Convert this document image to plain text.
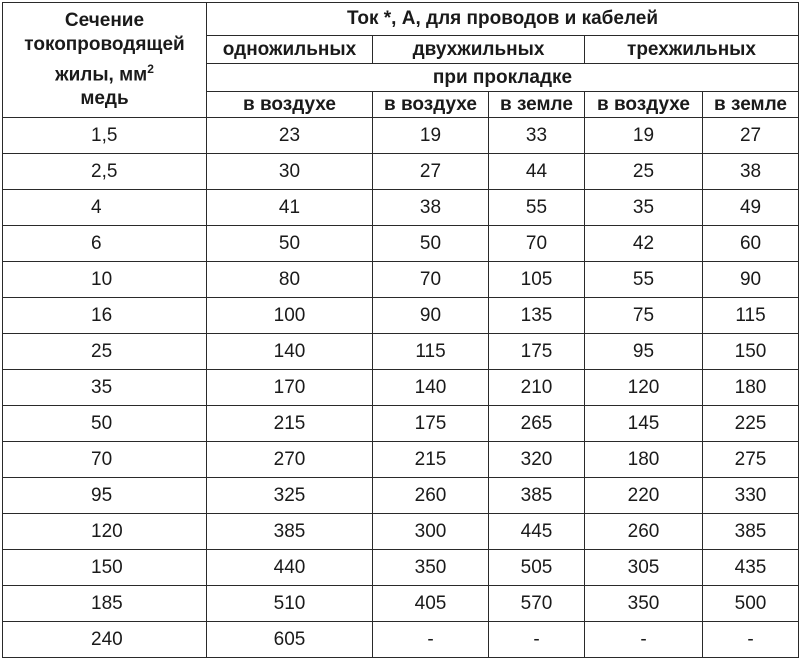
Сечение
токопроводящей
жилы, $мм^2$
медь	Ток *, А, для проводов и кабелей				
	одножильных	двухжильных		трехжильных	
	при прокладке				
	в воздухе	в воздухе	в земле	в воздухе	в земле
1,5	23	19	33	19	27
2,5	30	27	44	25	38
4	41	38	55	35	49
6	50	50	70	42	60
10	80	70	105	55	90
16	100	90	135	75	115
25	140	115	175	95	150
35	170	140	210	120	180
50	215	175	265	145	225
70	270	215	320	180	275
95	325	260	385	220	330
120	385	300	445	260	385
150	440	350	505	305	435
185	510	405	570	350	500
240	605	-	-	-	-
